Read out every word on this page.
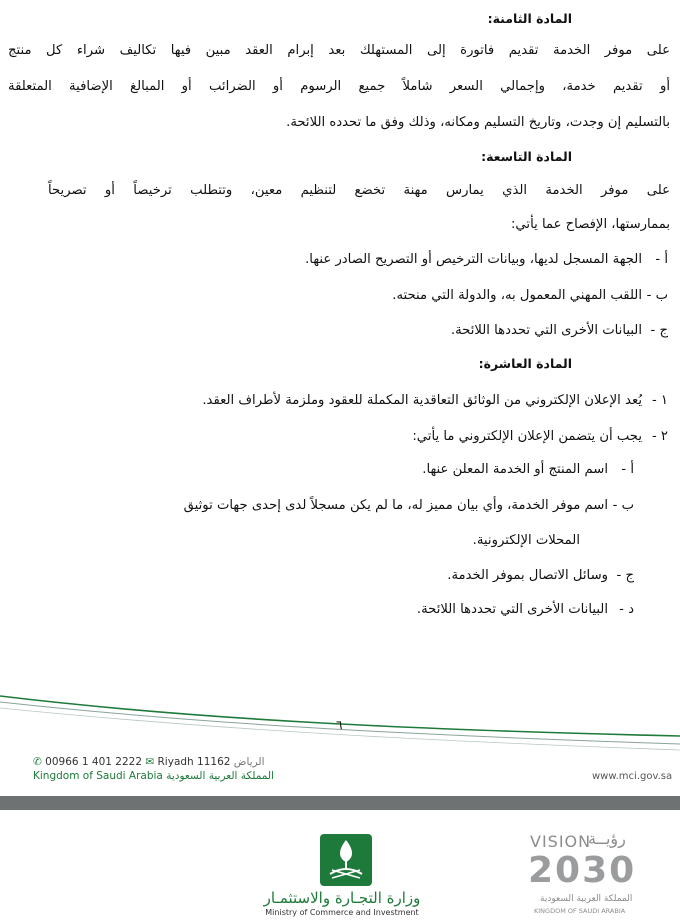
المادة الثامنة:
على موفر الخدمة تقديم فاتورة إلى المستهلك بعد إبرام العقد مبين فيها تكاليف شراء كل منتج
أو تقديم خدمة، وإجمالي السعر شاملاً جميع الرسوم أو الضرائب أو المبالغ الإضافية المتعلقة
بالتسليم إن وجدت، وتاريخ التسليم ومكانه، وذلك وفق ما تحدده اللائحة.
المادة التاسعة:
على موفر الخدمة الذي يمارس مهنة تخضع لتنظيم معين، وتتطلب ترخيصاً أو تصريحاً
بممارستها، الإفصاح عما يأتي:
أ -الجهة المسجل لديها، وبيانات الترخيص أو التصريح الصادر عنها.
ب -اللقب المهني المعمول به، والدولة التي منحته.
ج -البيانات الأخرى التي تحددها اللائحة.
المادة العاشرة:
١ -يُعد الإعلان الإلكتروني من الوثائق التعاقدية المكملة للعقود وملزمة لأطراف العقد.
٢ -يجب أن يتضمن الإعلان الإلكتروني ما يأتي:
أ -اسم المنتج أو الخدمة المعلن عنها.
ب -اسم موفر الخدمة، وأي بيان مميز له، ما لم يكن مسجلاً لدى إحدى جهات توثيق
المحلات الإلكترونية.
ج -وسائل الاتصال بموفر الخدمة.
د -البيانات الأخرى التي تحددها اللائحة.
٦
✆ 00966 1 401 2222 ✉ Riyadh 11162 الرياض
Kingdom of Saudi Arabia المملكة العربية السعودية	www.mci.gov.sa
وزارة التجـارة والاستثمـار
Ministry of Commerce and Investment
VISION
رؤيــة
2030
المملكة العربية السعودية
KINGDOM OF SAUDI ARABIA
